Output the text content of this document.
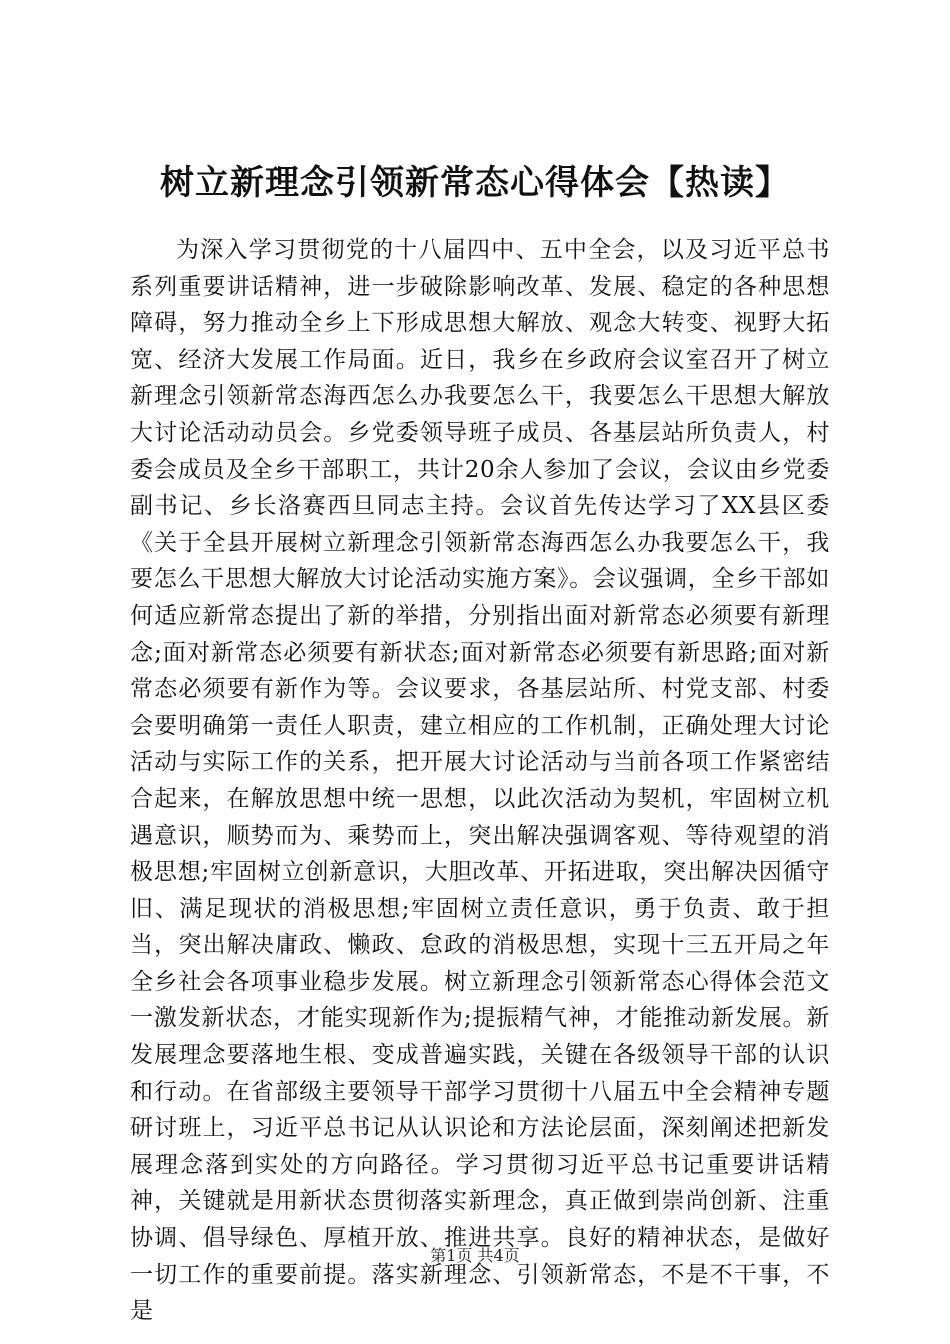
树立新理念引领新常态心得体会【热读】

为深入学习贯彻党的十八届四中、五中全会，以及习近平总书系列重要讲话精神，进一步破除影响改革、发展、稳定的各种思想障碍，努力推动全乡上下形成思想大解放、观念大转变、视野大拓宽、经济大发展工作局面。近日，我乡在乡政府会议室召开了树立新理念引领新常态海西怎么办我要怎么干，我要怎么干思想大解放大讨论活动动员会。乡党委领导班子成员、各基层站所负责人，村委会成员及全乡干部职工，共计20余人参加了会议，会议由乡党委副书记、乡长洛赛西旦同志主持。会议首先传达学习了XX县区委《关于全县开展树立新理念引领新常态海西怎么办我要怎么干，我要怎么干思想大解放大讨论活动实施方案》。会议强调，全乡干部如何适应新常态提出了新的举措，分别指出面对新常态必须要有新理念;面对新常态必须要有新状态;面对新常态必须要有新思路;面对新常态必须要有新作为等。会议要求，各基层站所、村党支部、村委会要明确第一责任人职责，建立相应的工作机制，正确处理大讨论活动与实际工作的关系，把开展大讨论活动与当前各项工作紧密结合起来，在解放思想中统一思想，以此次活动为契机，牢固树立机遇意识，顺势而为、乘势而上，突出解决强调客观、等待观望的消极思想;牢固树立创新意识，大胆改革、开拓进取，突出解决因循守旧、满足现状的消极思想;牢固树立责任意识，勇于负责、敢于担当，突出解决庸政、懒政、怠政的消极思想，实现十三五开局之年全乡社会各项事业稳步发展。树立新理念引领新常态心得体会范文一激发新状态，才能实现新作为;提振精气神，才能推动新发展。新发展理念要落地生根、变成普遍实践，关键在各级领导干部的认识和行动。在省部级主要领导干部学习贯彻十八届五中全会精神专题研讨班上，习近平总书记从认识论和方法论层面，深刻阐述把新发展理念落到实处的方向路径。学习贯彻习近平总书记重要讲话精神，关键就是用新状态贯彻落实新理念，真正做到崇尚创新、注重协调、倡导绿色、厚植开放、推进共享。良好的精神状态，是做好一切工作的重要前提。落实新理念、引领新常态，不是不干事，不是

第1页 共4页
